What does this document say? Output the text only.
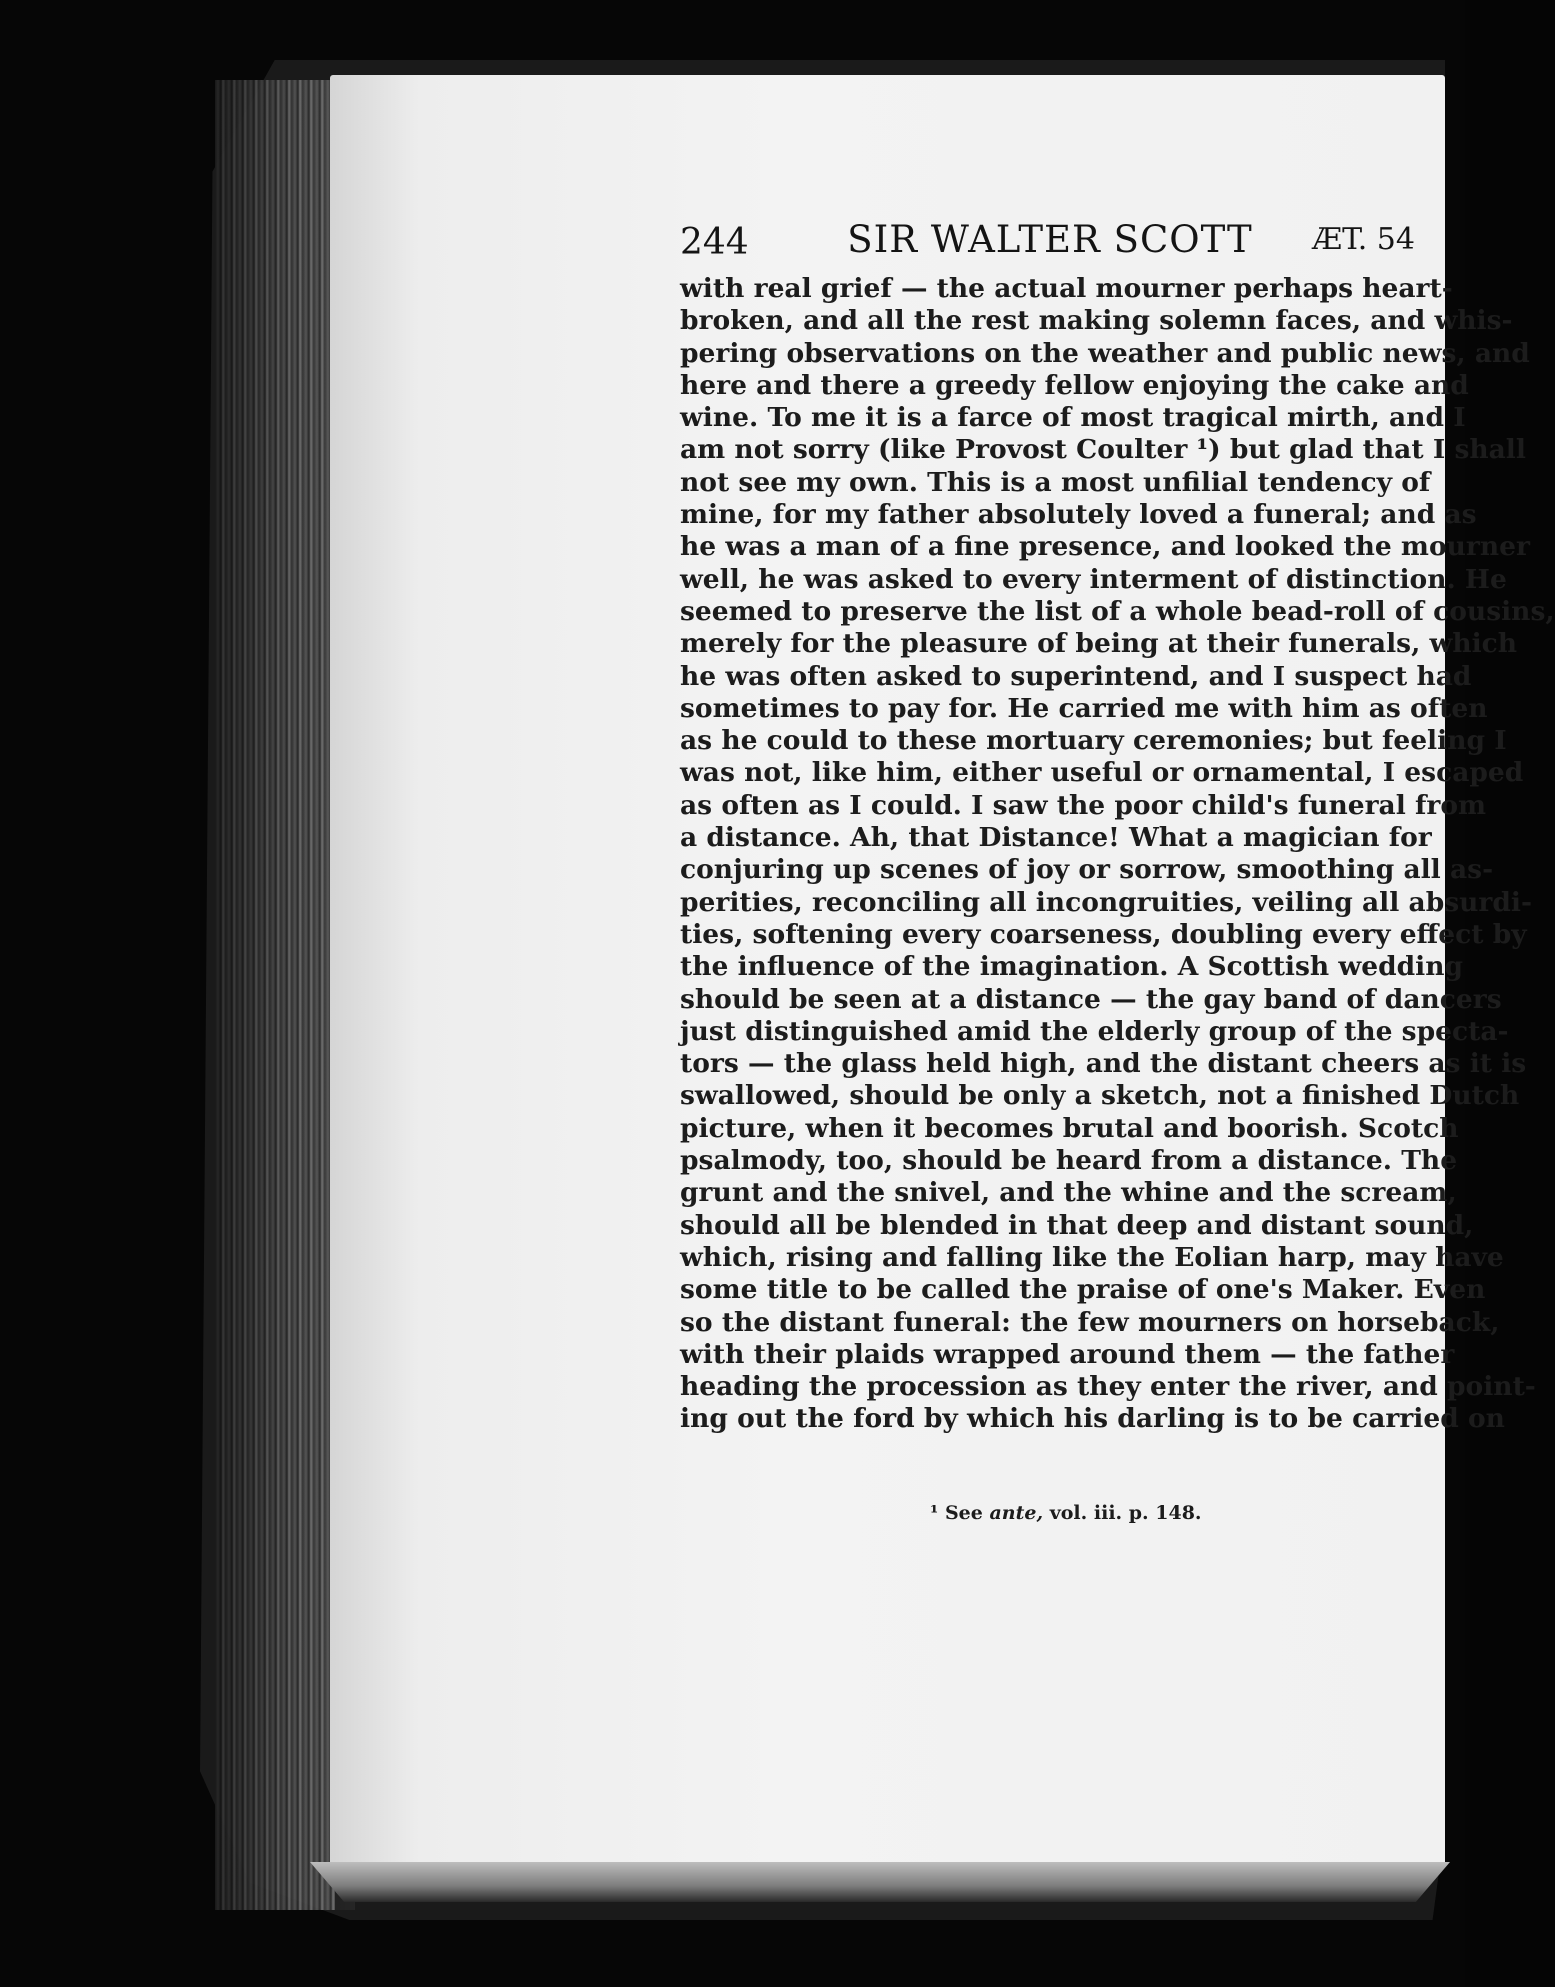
244	SIR WALTER SCOTT	ÆT. 54
with real grief — the actual mourner perhaps heart-
broken, and all the rest making solemn faces, and whis-
pering observations on the weather and public news, and
here and there a greedy fellow enjoying the cake and
wine. To me it is a farce of most tragical mirth, and I
am not sorry (like Provost Coulter ¹) but glad that I shall
not see my own. This is a most unfilial tendency of
mine, for my father absolutely loved a funeral; and as
he was a man of a fine presence, and looked the mourner
well, he was asked to every interment of distinction. He
seemed to preserve the list of a whole bead-roll of cousins,
merely for the pleasure of being at their funerals, which
he was often asked to superintend, and I suspect had
sometimes to pay for. He carried me with him as often
as he could to these mortuary ceremonies; but feeling I
was not, like him, either useful or ornamental, I escaped
as often as I could. I saw the poor child's funeral from
a distance. Ah, that Distance! What a magician for
conjuring up scenes of joy or sorrow, smoothing all as-
perities, reconciling all incongruities, veiling all absurdi-
ties, softening every coarseness, doubling every effect by
the influence of the imagination. A Scottish wedding
should be seen at a distance — the gay band of dancers
just distinguished amid the elderly group of the specta-
tors — the glass held high, and the distant cheers as it is
swallowed, should be only a sketch, not a finished Dutch
picture, when it becomes brutal and boorish. Scotch
psalmody, too, should be heard from a distance. The
grunt and the snivel, and the whine and the scream,
should all be blended in that deep and distant sound,
which, rising and falling like the Eolian harp, may have
some title to be called the praise of one's Maker. Even
so the distant funeral: the few mourners on horseback,
with their plaids wrapped around them — the father
heading the procession as they enter the river, and point-
ing out the ford by which his darling is to be carried on
¹ See ante, vol. iii. p. 148.
